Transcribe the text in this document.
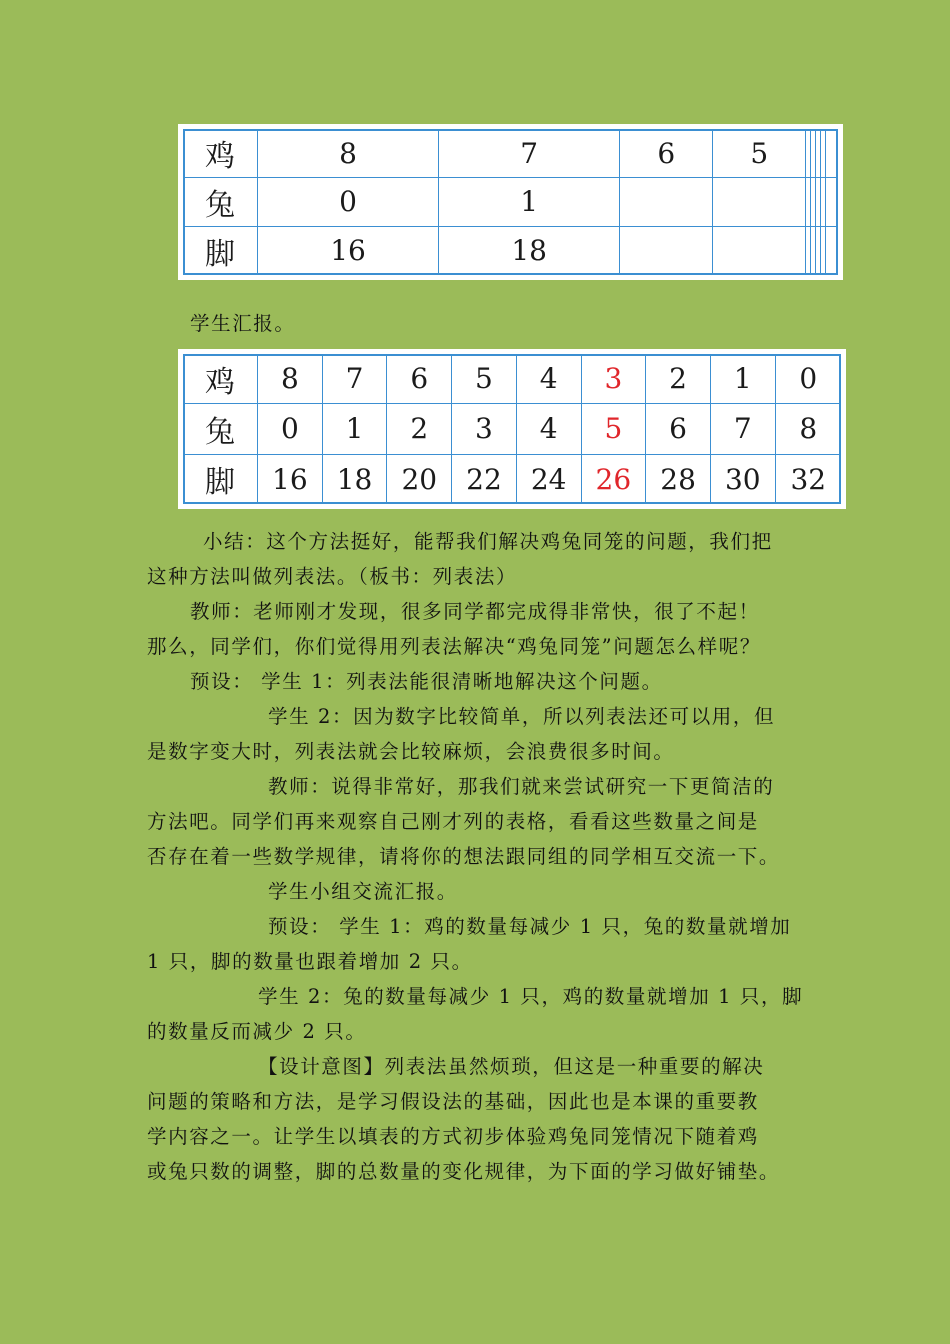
鸡	8	7	6	5					
兔	0	1							
脚	16	18							
学生汇报。
鸡	8	7	6	5	4	3	2	1	0
兔	0	1	2	3	4	5	6	7	8
脚	16	18	20	22	24	26	28	30	32
小结：这个方法挺好，能帮我们解决鸡兔同笼的问题，我们把
这种方法叫做列表法。（板书：列表法）
教师：老师刚才发现，很多同学都完成得非常快，很了不起！
那么，同学们，你们觉得用列表法解决“鸡兔同笼”问题怎么样呢？
预设： 学生 1：列表法能很清晰地解决这个问题。
学生 2：因为数字比较简单，所以列表法还可以用，但
是数字变大时，列表法就会比较麻烦，会浪费很多时间。
教师：说得非常好，那我们就来尝试研究一下更简洁的
方法吧。同学们再来观察自己刚才列的表格，看看这些数量之间是
否存在着一些数学规律，请将你的想法跟同组的同学相互交流一下。
学生小组交流汇报。
预设： 学生 1：鸡的数量每减少 1 只，兔的数量就增加
1 只，脚的数量也跟着增加 2 只。
学生 2：兔的数量每减少 1 只，鸡的数量就增加 1 只，脚
的数量反而减少 2 只。
【设计意图】列表法虽然烦琐，但这是一种重要的解决
问题的策略和方法，是学习假设法的基础，因此也是本课的重要教
学内容之一。让学生以填表的方式初步体验鸡兔同笼情况下随着鸡
或兔只数的调整，脚的总数量的变化规律，为下面的学习做好铺垫。
